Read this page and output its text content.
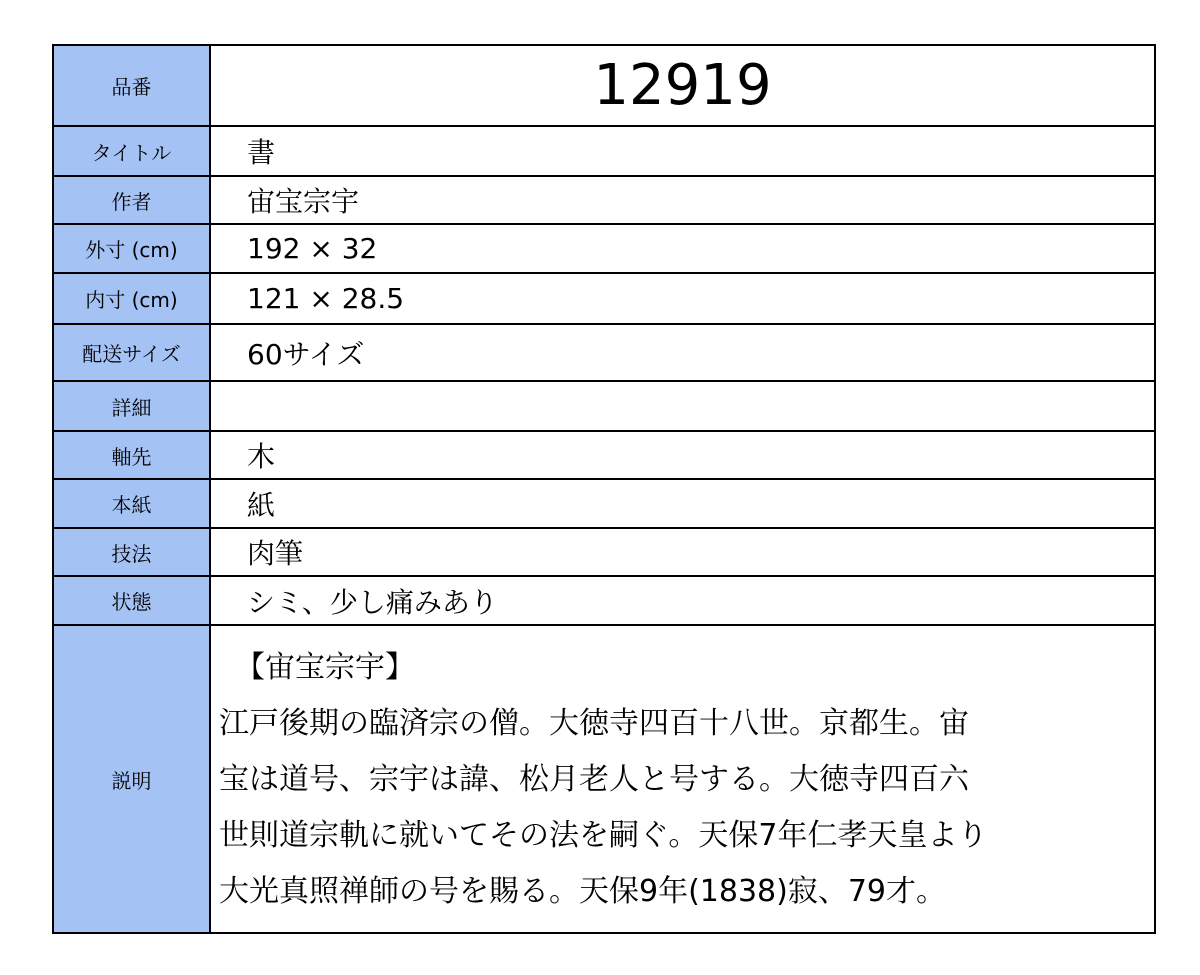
品番	12919
タイトル	書
作者	宙宝宗宇
外寸 (cm)	192 × 32
内寸 (cm)	121 × 28.5
配送サイズ	60サイズ
詳細	
軸先	木
本紙	紙
技法	肉筆
状態	シミ、少し痛みあり
説明	【宙宝宗宇】
江戸後期の臨済宗の僧。大徳寺四百十八世。京都生。宙
宝は道号、宗宇は諱、松月老人と号する。大徳寺四百六
世則道宗軌に就いてその法を嗣ぐ。天保7年仁孝天皇より
大光真照禅師の号を賜る。天保9年(1838)寂、79才。
